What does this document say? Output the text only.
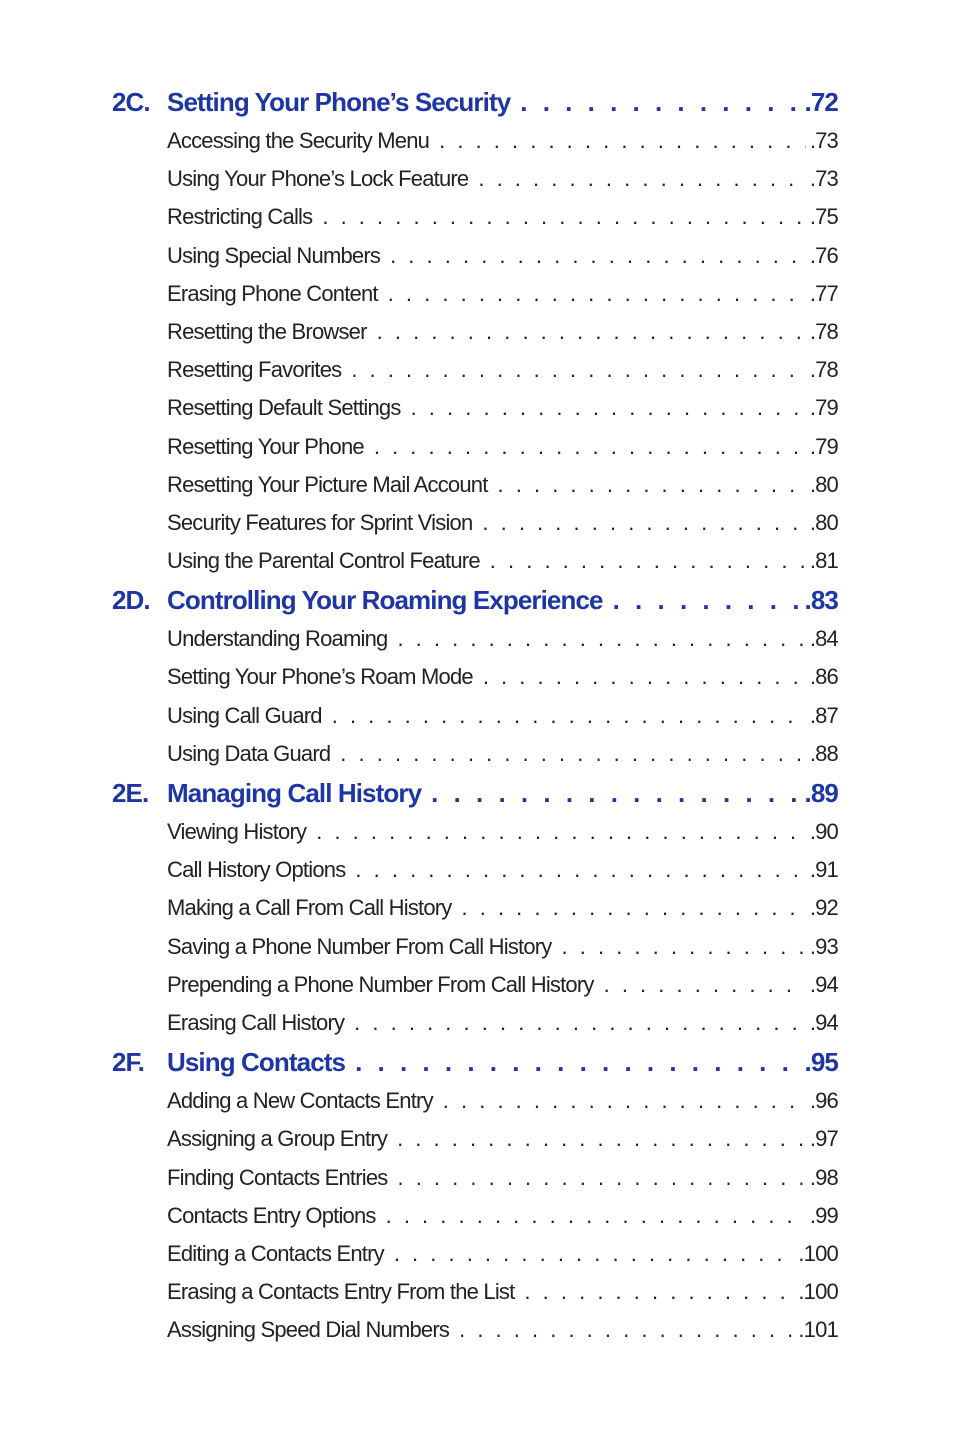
2C. Setting Your Phone’s Security . . .	.72
Accessing the Security Menu . . .	.73
Using Your Phone’s Lock Feature . . .	.73
Restricting Calls . . .	.75
Using Special Numbers . . .	.76
Erasing Phone Content . . .	.77
Resetting the Browser . . .	.78
Resetting Favorites . . .	.78
Resetting Default Settings . . .	.79
Resetting Your Phone . . .	.79
Resetting Your Picture Mail Account . . .	.80
Security Features for Sprint Vision . . .	.80
Using the Parental Control Feature . . .	.81
2D. Controlling Your Roaming Experience . . .	.83
Understanding Roaming . . .	.84
Setting Your Phone’s Roam Mode . . .	.86
Using Call Guard . . .	.87
Using Data Guard . . .	.88
2E. Managing Call History . . .	.89
Viewing History . . .	.90
Call History Options . . .	.91
Making a Call From Call History . . .	.92
Saving a Phone Number From Call History . . .	.93
Prepending a Phone Number From Call History . . .	.94
Erasing Call History . . .	.94
2F. Using Contacts . . .	.95
Adding a New Contacts Entry . . .	.96
Assigning a Group Entry . . .	.97
Finding Contacts Entries . . .	.98
Contacts Entry Options . . .	.99
Editing a Contacts Entry . . .	.100
Erasing a Contacts Entry From the List . . .	.100
Assigning Speed Dial Numbers . . .	.101
